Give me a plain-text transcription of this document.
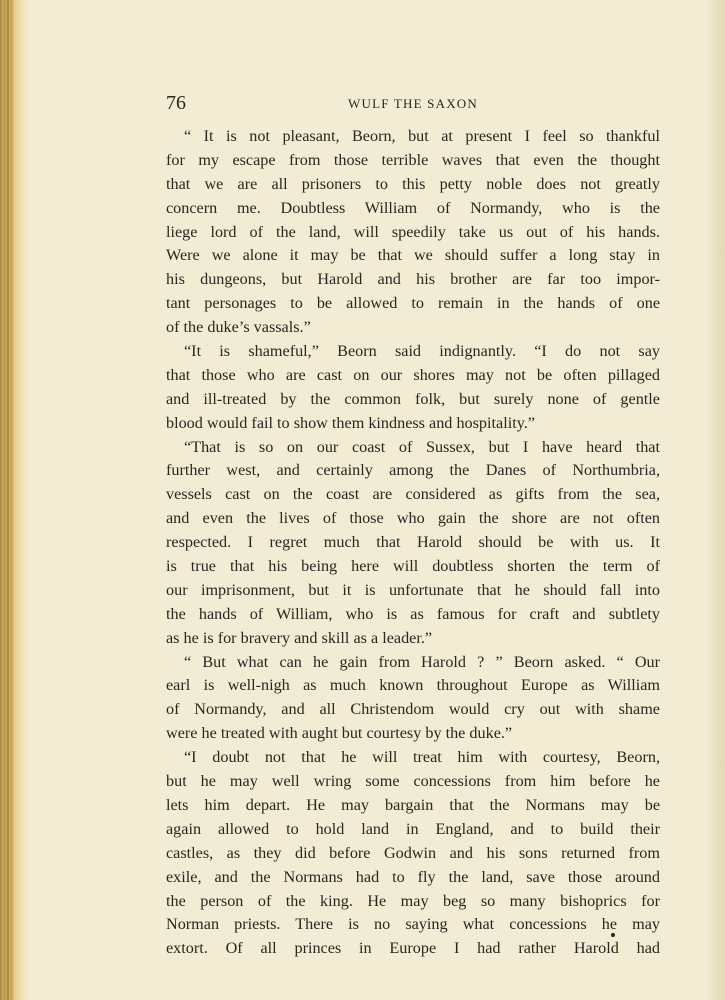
76	WULF THE SAXON
“ It is not pleasant, Beorn, but at present I feel so thankful
for my escape from those terrible waves that even the thought
that we are all prisoners to this petty noble does not greatly
concern me. Doubtless William of Normandy, who is the
liege lord of the land, will speedily take us out of his hands.
Were we alone it may be that we should suffer a long stay in
his dungeons, but Harold and his brother are far too impor-
tant personages to be allowed to remain in the hands of one
of the duke’s vassals.”
“It is shameful,” Beorn said indignantly. “I do not say
that those who are cast on our shores may not be often pillaged
and ill-treated by the common folk, but surely none of gentle
blood would fail to show them kindness and hospitality.”
“That is so on our coast of Sussex, but I have heard that
further west, and certainly among the Danes of Northumbria,
vessels cast on the coast are considered as gifts from the sea,
and even the lives of those who gain the shore are not often
respected. I regret much that Harold should be with us. It
is true that his being here will doubtless shorten the term of
our imprisonment, but it is unfortunate that he should fall into
the hands of William, who is as famous for craft and subtlety
as he is for bravery and skill as a leader.”
“ But what can he gain from Harold ? ” Beorn asked. “ Our
earl is well-nigh as much known throughout Europe as William
of Normandy, and all Christendom would cry out with shame
were he treated with aught but courtesy by the duke.”
“I doubt not that he will treat him with courtesy, Beorn,
but he may well wring some concessions from him before he
lets him depart. He may bargain that the Normans may be
again allowed to hold land in England, and to build their
castles, as they did before Godwin and his sons returned from
exile, and the Normans had to fly the land, save those around
the person of the king. He may beg so many bishoprics for
Norman priests. There is no saying what concessions he may
extort. Of all princes in Europe I had rather Harold had
